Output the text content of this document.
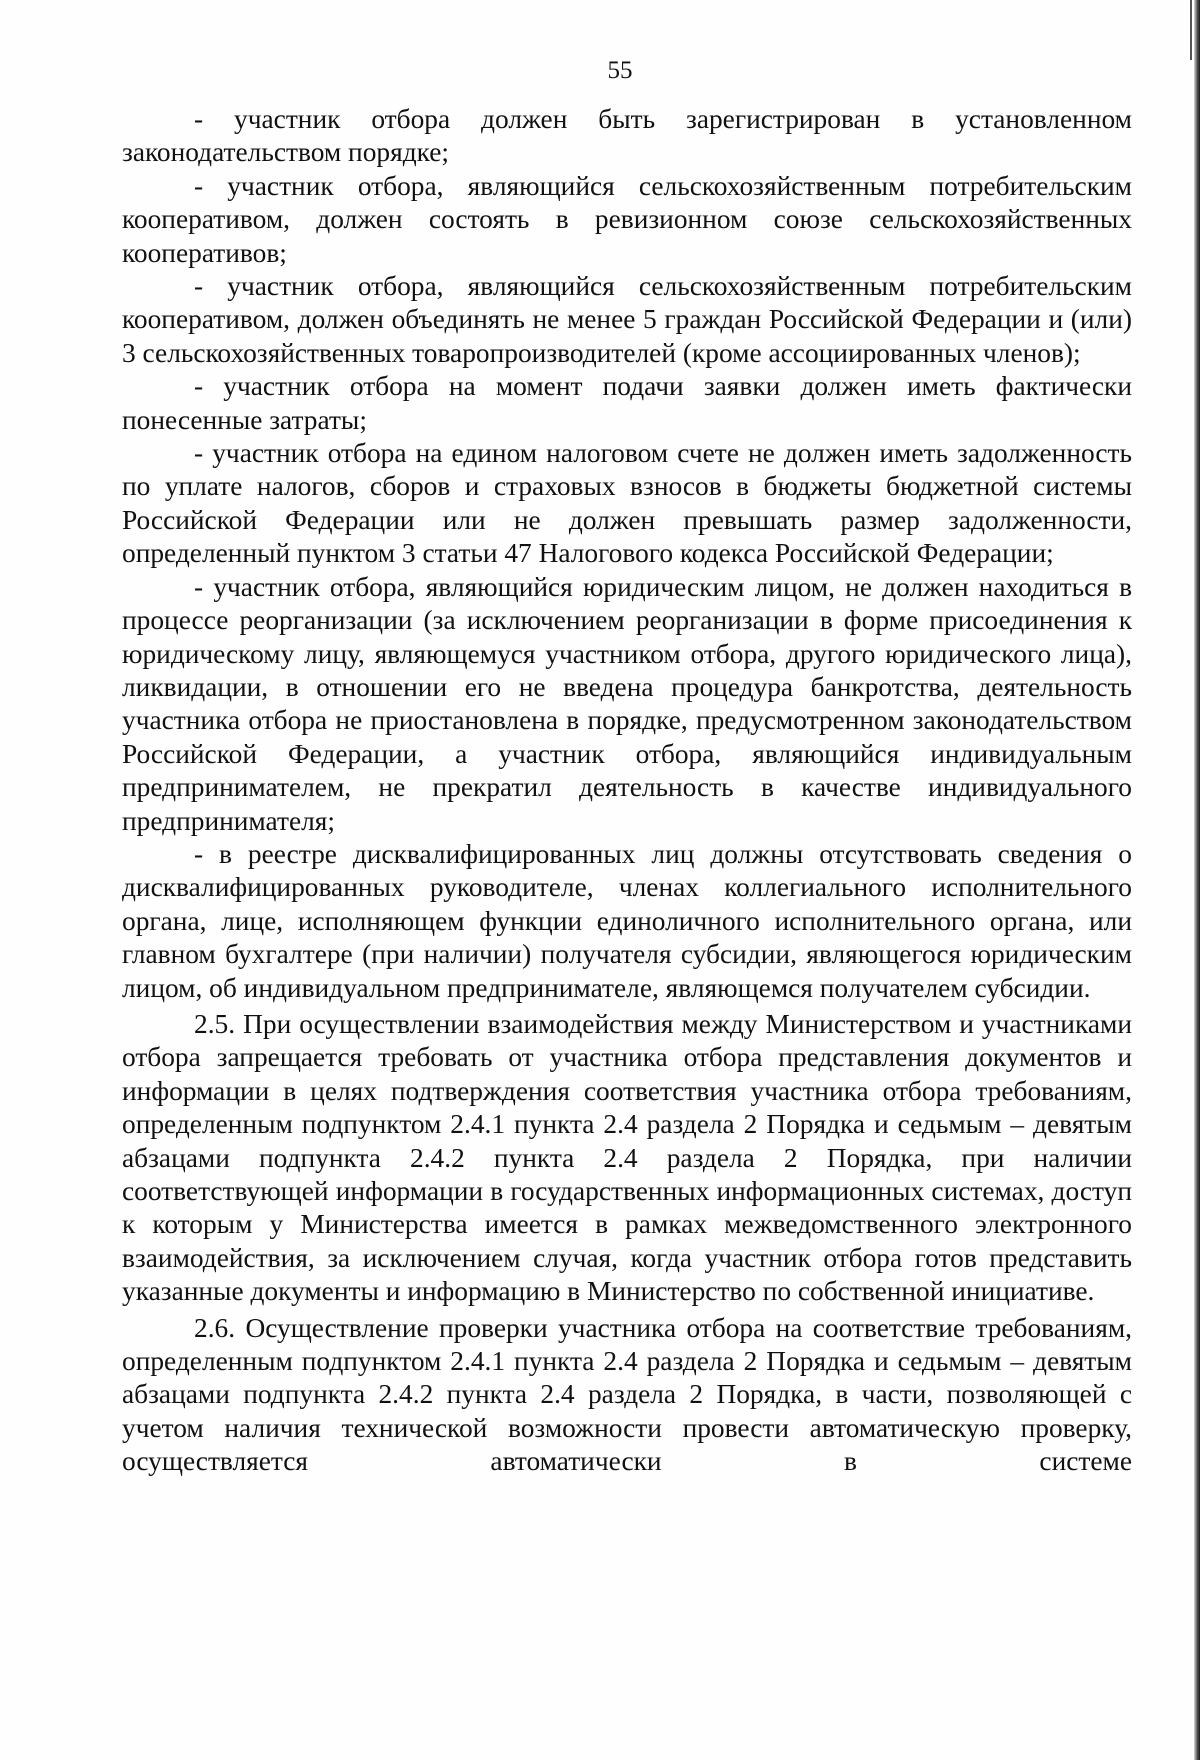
55

- участник отбора должен быть зарегистрирован в установленном законодательством порядке;

- участник отбора, являющийся сельскохозяйственным потребительским кооперативом, должен состоять в ревизионном союзе сельскохозяйственных кооперативов;

- участник отбора, являющийся сельскохозяйственным потребительским кооперативом, должен объединять не менее 5 граждан Российской Федерации и (или) 3 сельскохозяйственных товаропроизводителей (кроме ассоциированных членов);

- участник отбора на момент подачи заявки должен иметь фактически понесенные затраты;

- участник отбора на едином налоговом счете не должен иметь задолженность по уплате налогов, сборов и страховых взносов в бюджеты бюджетной системы Российской Федерации или не должен превышать размер задолженности, определенный пунктом 3 статьи 47 Налогового кодекса Российской Федерации;

- участник отбора, являющийся юридическим лицом, не должен находиться в процессе реорганизации (за исключением реорганизации в форме присоединения к юридическому лицу, являющемуся участником отбора, другого юридического лица), ликвидации, в отношении его не введена процедура банкротства, деятельность участника отбора не приостановлена в порядке, предусмотренном законодательством Российской Федерации, а участник отбора, являющийся индивидуальным предпринимателем, не прекратил деятельность в качестве индивидуального предпринимателя;

- в реестре дисквалифицированных лиц должны отсутствовать сведения о дисквалифицированных руководителе, членах коллегиального исполнительного органа, лице, исполняющем функции единоличного исполнительного органа, или главном бухгалтере (при наличии) получателя субсидии, являющегося юридическим лицом, об индивидуальном предпринимателе, являющемся получателем субсидии.

2.5. При осуществлении взаимодействия между Министерством и участниками отбора запрещается требовать от участника отбора представления документов и информации в целях подтверждения соответствия участника отбора требованиям, определенным подпунктом 2.4.1 пункта 2.4 раздела 2 Порядка и седьмым – девятым абзацами подпункта 2.4.2 пункта 2.4 раздела 2 Порядка, при наличии соответствующей информации в государственных информационных системах, доступ к которым у Министерства имеется в рамках межведомственного электронного взаимодействия, за исключением случая, когда участник отбора готов представить указанные документы и информацию в Министерство по собственной инициативе.

2.6. Осуществление проверки участника отбора на соответствие требованиям, определенным подпунктом 2.4.1 пункта 2.4 раздела 2 Порядка и седьмым – девятым абзацами подпункта 2.4.2 пункта 2.4 раздела 2 Порядка, в части, позволяющей с учетом наличия технической возможности провести автоматическую проверку, осуществляется автоматически в системе
